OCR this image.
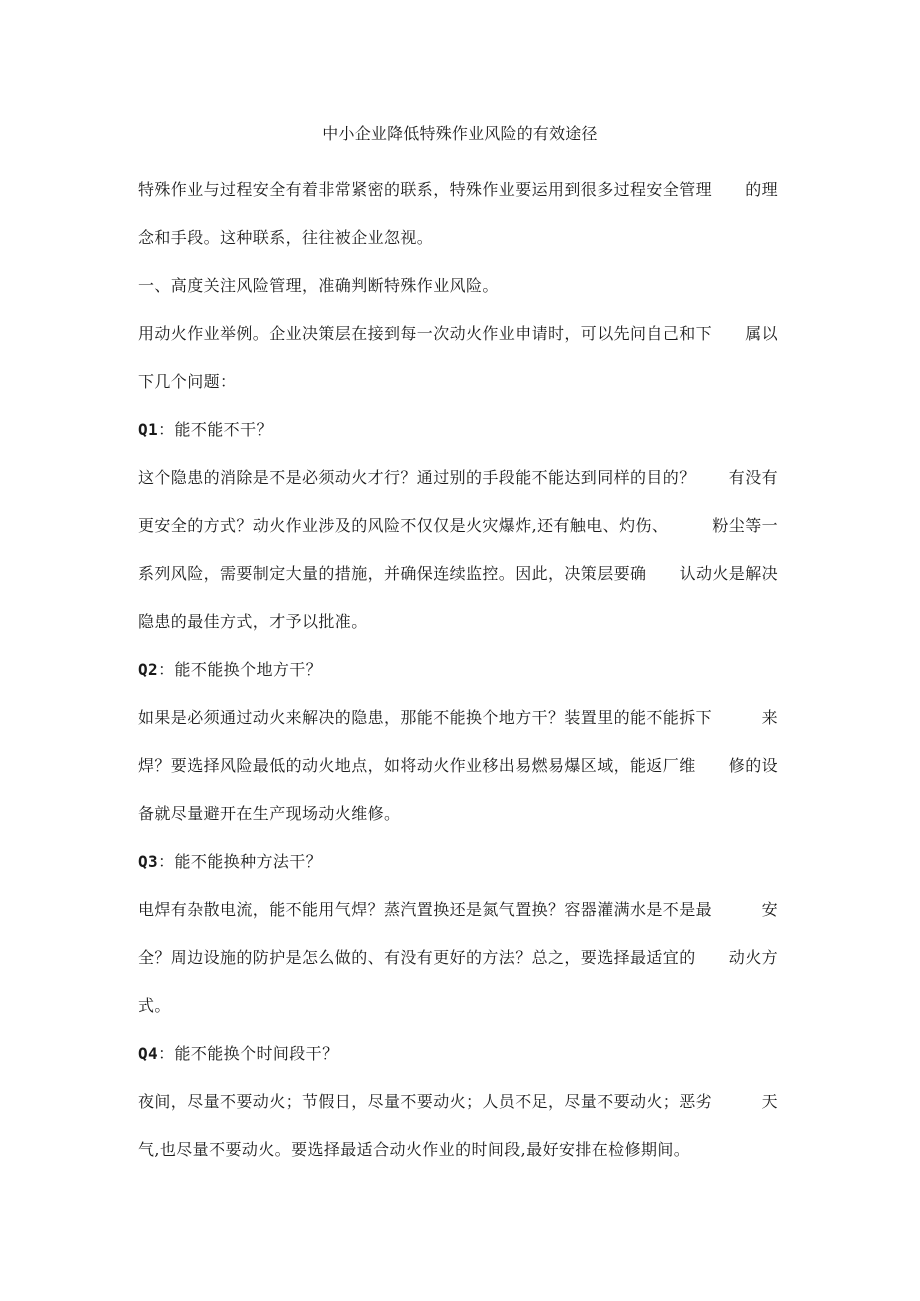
中小企业降低特殊作业风险的有效途径

特殊作业与过程安全有着非常紧密的联系，特殊作业要运用到很多过程安全管理 的理

念和手段。这种联系，往往被企业忽视。

一、高度关注风险管理，准确判断特殊作业风险。

用动火作业举例。企业决策层在接到每一次动火作业申请时，可以先问自己和下 属以

下几个问题：

Q1：能不能不干？

这个隐患的消除是不是必须动火才行？通过别的手段能不能达到同样的目的？ 有没有

更安全的方式？动火作业涉及的风险不仅仅是火灾爆炸,还有触电、灼伤、	粉尘等一

系列风险，需要制定大量的措施，并确保连续监控。因此，决策层要确 认动火是解决

隐患的最佳方式，才予以批准。

Q2：能不能换个地方干？

如果是必须通过动火来解决的隐患，那能不能换个地方干？装置里的能不能拆下	来

焊？要选择风险最低的动火地点，如将动火作业移出易燃易爆区域，能返厂维 修的设

备就尽量避开在生产现场动火维修。

Q3：能不能换种方法干？

电焊有杂散电流，能不能用气焊？蒸汽置换还是氮气置换？容器灌满水是不是最	安

全？周边设施的防护是怎么做的、有没有更好的方法？总之，要选择最适宜的 动火方

式。

Q4：能不能换个时间段干？

夜间，尽量不要动火；节假日，尽量不要动火；人员不足，尽量不要动火；恶劣	天

气,也尽量不要动火。要选择最适合动火作业的时间段,最好安排在检修期间。
